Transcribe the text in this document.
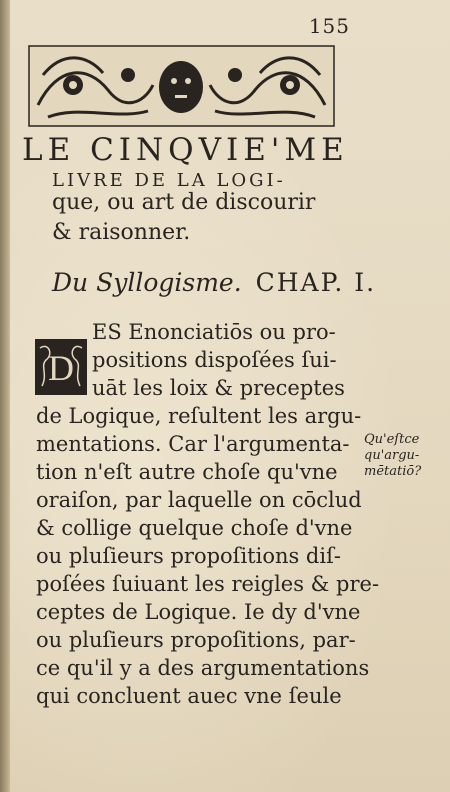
155
LE CINQVIE'ME
LIVRE DE LA LOGI-
que, ou art de discourir
& raisonner.
Du Syllogisme. CHAP. I.
D
ES Enonciatiōs ou pro-
positions dispoſées ſui-
uāt les loix & preceptes
de Logique, reſultent les argu-
mentations. Car l'argumenta-
tion n'eſt autre choſe qu'vne
oraiſon, par laquelle on cōclud
& collige quelque choſe d'vne
ou pluſieurs propoſitions diſ-
poſées ſuiuant les reigles & pre-
ceptes de Logique. Ie dy d'vne
ou pluſieurs propoſitions, par-
ce qu'il y a des argumentations
qui concluent auec vne ſeule
Qu'eſtce
qu'argu-
mētatiō?
